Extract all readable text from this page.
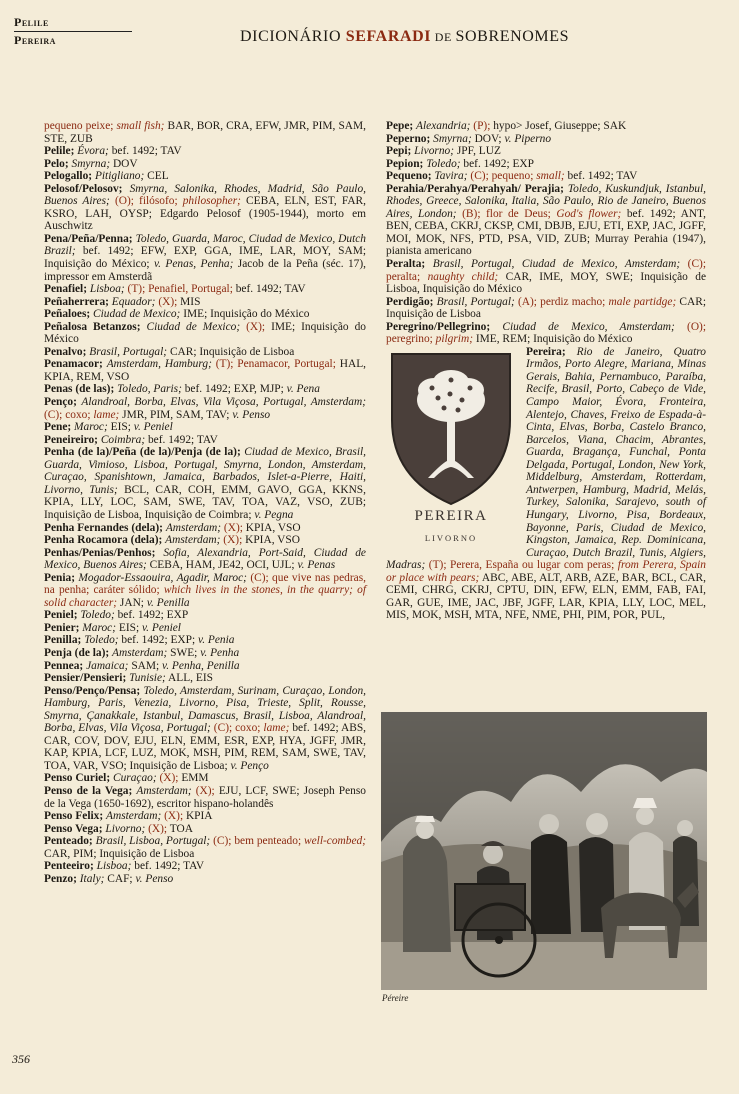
Pelile
Pereira	DICIONÁRIO SEFARADI DE SOBRENOMES

pequeno peixe; small fish; BAR, BOR, CRA, EFW, JMR, PIM, SAM, STE, ZUB

Pelile; Évora; bef. 1492; TAV

Pelo; Smyrna; DOV

Pelogallo; Pitigliano; CEL

Pelosof/Pelosov; Smyrna, Salonika, Rhodes, Madrid, São Paulo, Buenos Aires; (O); filósofo; philosopher; CEBA, ELN, EST, FAR, KSRO, LAH, OYSP; Edgardo Pelosof (1905-1944), morto em Auschwitz

Pena/Peña/Penna; Toledo, Guarda, Maroc, Ciudad de Mexico, Dutch Brazil; bef. 1492; EFW, EXP, GGA, IME, LAR, MOY, SAM; Inquisição do México; v. Penas, Penha; Jacob de la Peña (séc. 17), impressor em Amsterdã

Penafiel; Lisboa; (T); Penafiel, Portugal; bef. 1492; TAV

Peñaherrera; Equador; (X); MIS

Peñaloes; Ciudad de Mexico; IME; Inquisição do México

Peñalosa Betanzos; Ciudad de Mexico; (X); IME; Inquisição do México

Penalvo; Brasil, Portugal; CAR; Inquisição de Lisboa

Penamacor; Amsterdam, Hamburg; (T); Penamacor, Portugal; HAL, KPIA, REM, VSO

Penas (de las); Toledo, Paris; bef. 1492; EXP, MJP; v. Pena

Penço; Alandroal, Borba, Elvas, Vila Viçosa, Portugal, Amsterdam; (C); coxo; lame; JMR, PIM, SAM, TAV; v. Penso

Pene; Maroc; EIS; v. Peniel

Peneireiro; Coimbra; bef. 1492; TAV

Penha (de la)/Peña (de la)/Penja (de la); Ciudad de Mexico, Brasil, Guarda, Vimioso, Lisboa, Portugal, Smyrna, London, Amsterdam, Curaçao, Spanishtown, Jamaica, Barbados, Islet-a-Pierre, Haiti, Livorno, Tunis; BCL, CAR, COH, EMM, GAVO, GGA, KKNS, KPIA, LLY, LOC, SAM, SWE, TAV, TOA, VAZ, VSO, ZUB; Inquisição de Lisboa, Inquisição de Coimbra; v. Pegna

Penha Fernandes (dela); Amsterdam; (X); KPIA, VSO

Penha Rocamora (dela); Amsterdam; (X); KPIA, VSO

Penhas/Penias/Penhos; Sofia, Alexandria, Port-Said, Ciudad de Mexico, Buenos Aires; CEBA, HAM, JE42, OCI, UJL; v. Penas

Penia; Mogador-Essaouira, Agadir, Maroc; (C); que vive nas pedras, na penha; caráter sólido; which lives in the stones, in the quarry; of solid character; JAN; v. Penilla

Peniel; Toledo; bef. 1492; EXP

Penier; Maroc; EIS; v. Peniel

Penilla; Toledo; bef. 1492; EXP; v. Penia

Penja (de la); Amsterdam; SWE; v. Penha

Pennea; Jamaica; SAM; v. Penha, Penilla

Pensier/Pensieri; Tunisie; ALL, EIS

Penso/Penço/Pensa; Toledo, Amsterdam, Surinam, Curaçao, London, Hamburg, Paris, Venezia, Livorno, Pisa, Trieste, Split, Rousse, Smyrna, Çanakkale, Istanbul, Damascus, Brasil, Lisboa, Alandroal, Borba, Elvas, Vila Viçosa, Portugal; (C); coxo; lame; bef. 1492; ABS, CAR, COV, DOV, EJU, ELN, EMM, ESR, EXP, HYA, JGFF, JMR, KAP, KPIA, LCF, LUZ, MOK, MSH, PIM, REM, SAM, SWE, TAV, TOA, VAR, VSO; Inquisição de Lisboa; v. Penço

Penso Curiel; Curaçao; (X); EMM

Penso de la Vega; Amsterdam; (X); EJU, LCF, SWE; Joseph Penso de la Vega (1650-1692), escritor hispano-holandês

Penso Felix; Amsterdam; (X); KPIA

Penso Vega; Livorno; (X); TOA

Penteado; Brasil, Lisboa, Portugal; (C); bem penteado; well-combed; CAR, PIM; Inquisição de Lisboa

Penteeiro; Lisboa; bef. 1492; TAV

Penzo; Italy; CAF; v. Penso

Pepe; Alexandria; (P); hypo> Josef, Giuseppe; SAK

Peperno; Smyrna; DOV; v. Piperno

Pepi; Livorno; JPF, LUZ

Pepion; Toledo; bef. 1492; EXP

Pequeno; Tavira; (C); pequeno; small; bef. 1492; TAV

Perahia/Perahya/Perahyah/ Perajia; Toledo, Kuskundjuk, Istanbul, Rhodes, Greece, Salonika, Italia, São Paulo, Rio de Janeiro, Buenos Aires, London; (B); flor de Deus; God's flower; bef. 1492; ANT, BEN, CEBA, CKRJ, CKSP, CMI, DBJB, EJU, ETI, EXP, JAC, JGFF, MOI, MOK, NFS, PTD, PSA, VID, ZUB; Murray Perahia (1947), pianista americano

Peralta; Brasil, Portugal, Ciudad de Mexico, Amsterdam; (C); peralta; naughty child; CAR, IME, MOY, SWE; Inquisição de Lisboa, Inquisição do México

Perdigão; Brasil, Portugal; (A); perdiz macho; male partidge; CAR; Inquisição de Lisboa

Peregrino/Pellegrino; Ciudad de Mexico, Amsterdam; (O); peregrino; pilgrim; IME, REM; Inquisição do México

PEREIRA
LIVORNO
Pereira; Rio de Janeiro, Quatro Irmãos, Porto Alegre, Mariana, Minas Gerais, Bahia, Pernambuco, Paraíba, Recife, Brasil, Porto, Cabeço de Vide, Campo Maior, Évora, Fronteira, Alentejo, Chaves, Freixo de Espada-à-Cinta, Elvas, Borba, Castelo Branco, Barcelos, Viana, Chacim, Abrantes, Guarda, Bragança, Funchal, Ponta Delgada, Portugal, London, New York, Middelburg, Amsterdam, Rotterdam, Antwerpen, Hamburg, Madrid, Melás, Turkey, Salonika, Sarajevo, south of Hungary, Livorno, Pisa, Bordeaux, Bayonne, Paris, Ciudad de Mexico, Kingston, Jamaica, Rep. Dominicana, Curaçao, Dutch Brazil, Tunis, Algiers, Madras; (T); Perera, España ou lugar com peras; from Perera, Spain or place with pears; ABC, ABE, ALT, ARB, AZE, BAR, BCL, CAR, CEMI, CHRG, CKRJ, CPTU, DIN, EFW, ELN, EMM, FAB, FAI, GAR, GUE, IME, JAC, JBF, JGFF, LAR, KPIA, LLY, LOC, MEL, MIS, MOK, MSH, MTA, NFE, NME, PHI, PIM, POR, PUL,
Péreire
356
